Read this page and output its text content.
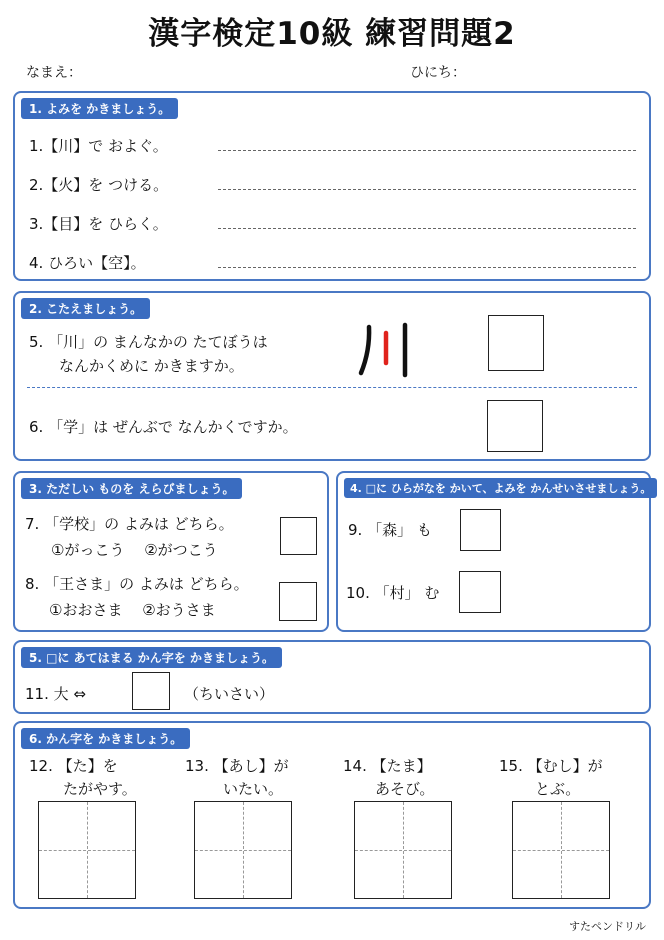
漢字検定10級 練習問題2
なまえ：	ひにち：
1. よみを かきましょう。
1.【川】で およぐ。
2.【火】を つける。
3.【目】を ひらく。
4. ひろい【空】。
2. こたえましょう。
5. 「川」の まんなかの たてぼうは
なんかくめに かきますか。
6. 「学」は ぜんぶで なんかくですか。
3. ただしい ものを えらびましょう。
7. 「学校」の よみは どちら。
①がっこう　 ②がつこう
8. 「王さま」の よみは どちら。
①おおさま　 ②おうさま
4. □に ひらがなを かいて、よみを かんせいさせましょう。
9. 「森」 も
10. 「村」 む
5. □に あてはまる かん字を かきましょう。
11. 大 ⇔	（ちいさい）
6. かん字を かきましょう。
12. 【た】を
たがやす。
13. 【あし】が
いたい。
14. 【たま】
あそび。
15. 【むし】が
とぶ。
すたペンドリル
